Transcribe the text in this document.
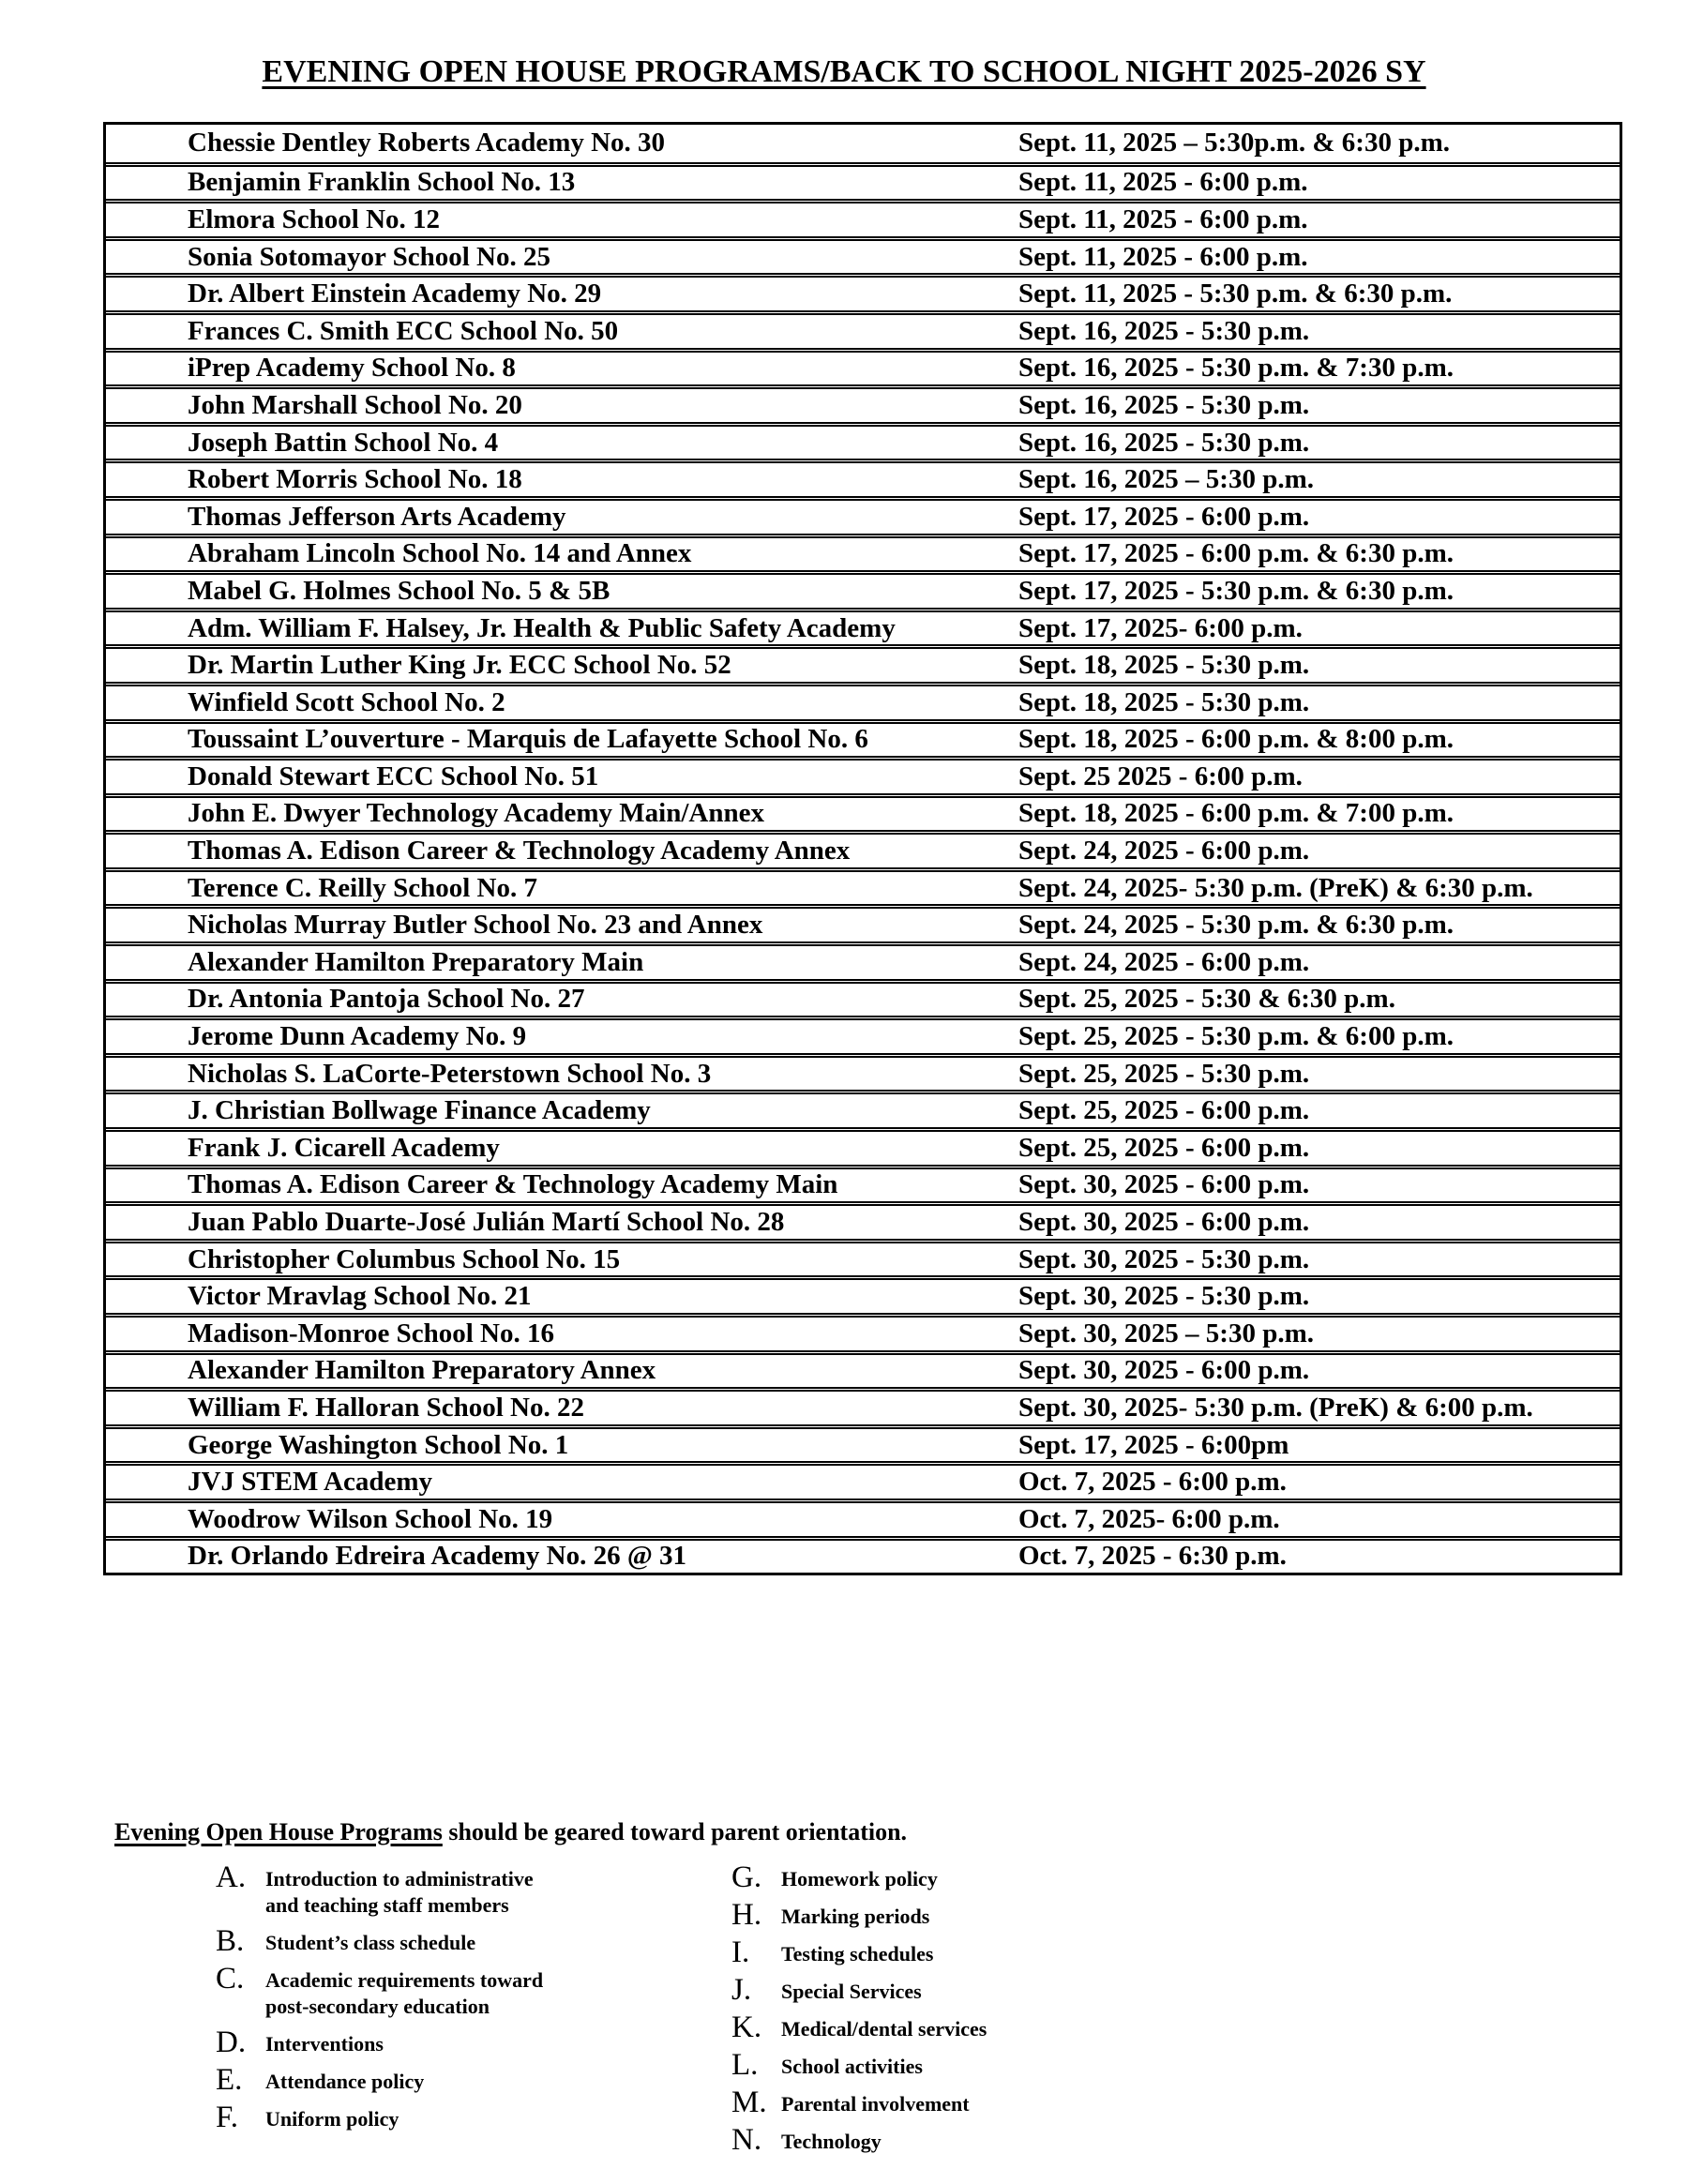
EVENING OPEN HOUSE PROGRAMS/BACK TO SCHOOL NIGHT 2025-2026 SY
Chessie Dentley Roberts Academy No. 30	Sept. 11, 2025 – 5:30p.m. & 6:30 p.m.
Benjamin Franklin School No. 13	Sept. 11, 2025 - 6:00 p.m.
Elmora School No. 12	Sept. 11, 2025 - 6:00 p.m.
Sonia Sotomayor School No. 25	Sept. 11, 2025 - 6:00 p.m.
Dr. Albert Einstein Academy No. 29	Sept. 11, 2025 - 5:30 p.m. & 6:30 p.m.
Frances C. Smith ECC School No. 50	Sept. 16, 2025 - 5:30 p.m.
iPrep Academy School No. 8	Sept. 16, 2025 - 5:30 p.m. & 7:30 p.m.
John Marshall School No. 20	Sept. 16, 2025 - 5:30 p.m.
Joseph Battin School No. 4	Sept. 16, 2025 - 5:30 p.m.
Robert Morris School No. 18	Sept. 16, 2025 – 5:30 p.m.
Thomas Jefferson Arts Academy	Sept. 17, 2025 - 6:00 p.m.
Abraham Lincoln School No. 14 and Annex	Sept. 17, 2025 - 6:00 p.m. & 6:30 p.m.
Mabel G. Holmes School No. 5 & 5B	Sept. 17, 2025 - 5:30 p.m. & 6:30 p.m.
Adm. William F. Halsey, Jr. Health & Public Safety Academy	Sept. 17, 2025- 6:00 p.m.
Dr. Martin Luther King Jr. ECC School No. 52	Sept. 18, 2025 - 5:30 p.m.
Winfield Scott School No. 2	Sept. 18, 2025 - 5:30 p.m.
Toussaint L’ouverture - Marquis de Lafayette School No. 6	Sept. 18, 2025 - 6:00 p.m. & 8:00 p.m.
Donald Stewart ECC School No. 51	Sept. 25 2025 - 6:00 p.m.
John E. Dwyer Technology Academy Main/Annex	Sept. 18, 2025 - 6:00 p.m. & 7:00 p.m.
Thomas A. Edison Career & Technology Academy Annex	Sept. 24, 2025 - 6:00 p.m.
Terence C. Reilly School No. 7	Sept. 24, 2025- 5:30 p.m. (PreK) & 6:30 p.m.
Nicholas Murray Butler School No. 23 and Annex	Sept. 24, 2025 - 5:30 p.m. & 6:30 p.m.
Alexander Hamilton Preparatory Main	Sept. 24, 2025 - 6:00 p.m.
Dr. Antonia Pantoja School No. 27	Sept. 25, 2025 - 5:30 & 6:30 p.m.
Jerome Dunn Academy No. 9	Sept. 25, 2025 - 5:30 p.m. & 6:00 p.m.
Nicholas S. LaCorte-Peterstown School No. 3	Sept. 25, 2025 - 5:30 p.m.
J. Christian Bollwage Finance Academy	Sept. 25, 2025 - 6:00 p.m.
Frank J. Cicarell Academy	Sept. 25, 2025 - 6:00 p.m.
Thomas A. Edison Career & Technology Academy Main	Sept. 30, 2025 - 6:00 p.m.
Juan Pablo Duarte-José Julián Martí School No. 28	Sept. 30, 2025 - 6:00 p.m.
Christopher Columbus School No. 15	Sept. 30, 2025 - 5:30 p.m.
Victor Mravlag School No. 21	Sept. 30, 2025 - 5:30 p.m.
Madison-Monroe School No. 16	Sept. 30, 2025 – 5:30 p.m.
Alexander Hamilton Preparatory Annex	Sept. 30, 2025 - 6:00 p.m.
William F. Halloran School No. 22	Sept. 30, 2025- 5:30 p.m. (PreK) & 6:00 p.m.
George Washington School No. 1	Sept. 17, 2025 - 6:00pm
JVJ STEM Academy	Oct. 7, 2025 - 6:00 p.m.
Woodrow Wilson School No. 19	Oct. 7, 2025- 6:00 p.m.
Dr. Orlando Edreira Academy No. 26 @ 31	Oct. 7, 2025 - 6:30 p.m.
Evening Open House Programs should be geared toward parent orientation.
A. Introduction to administrative
and teaching staff members
B.	Student’s class schedule
C.	Academic requirements toward
post-secondary education
D. Interventions
E.	Attendance policy
F.	Uniform policy
G. Homework policy
H. Marking periods
I.	Testing schedules
J.	Special Services
K. Medical/dental services
L.	School activities
M. Parental involvement
N. Technology
